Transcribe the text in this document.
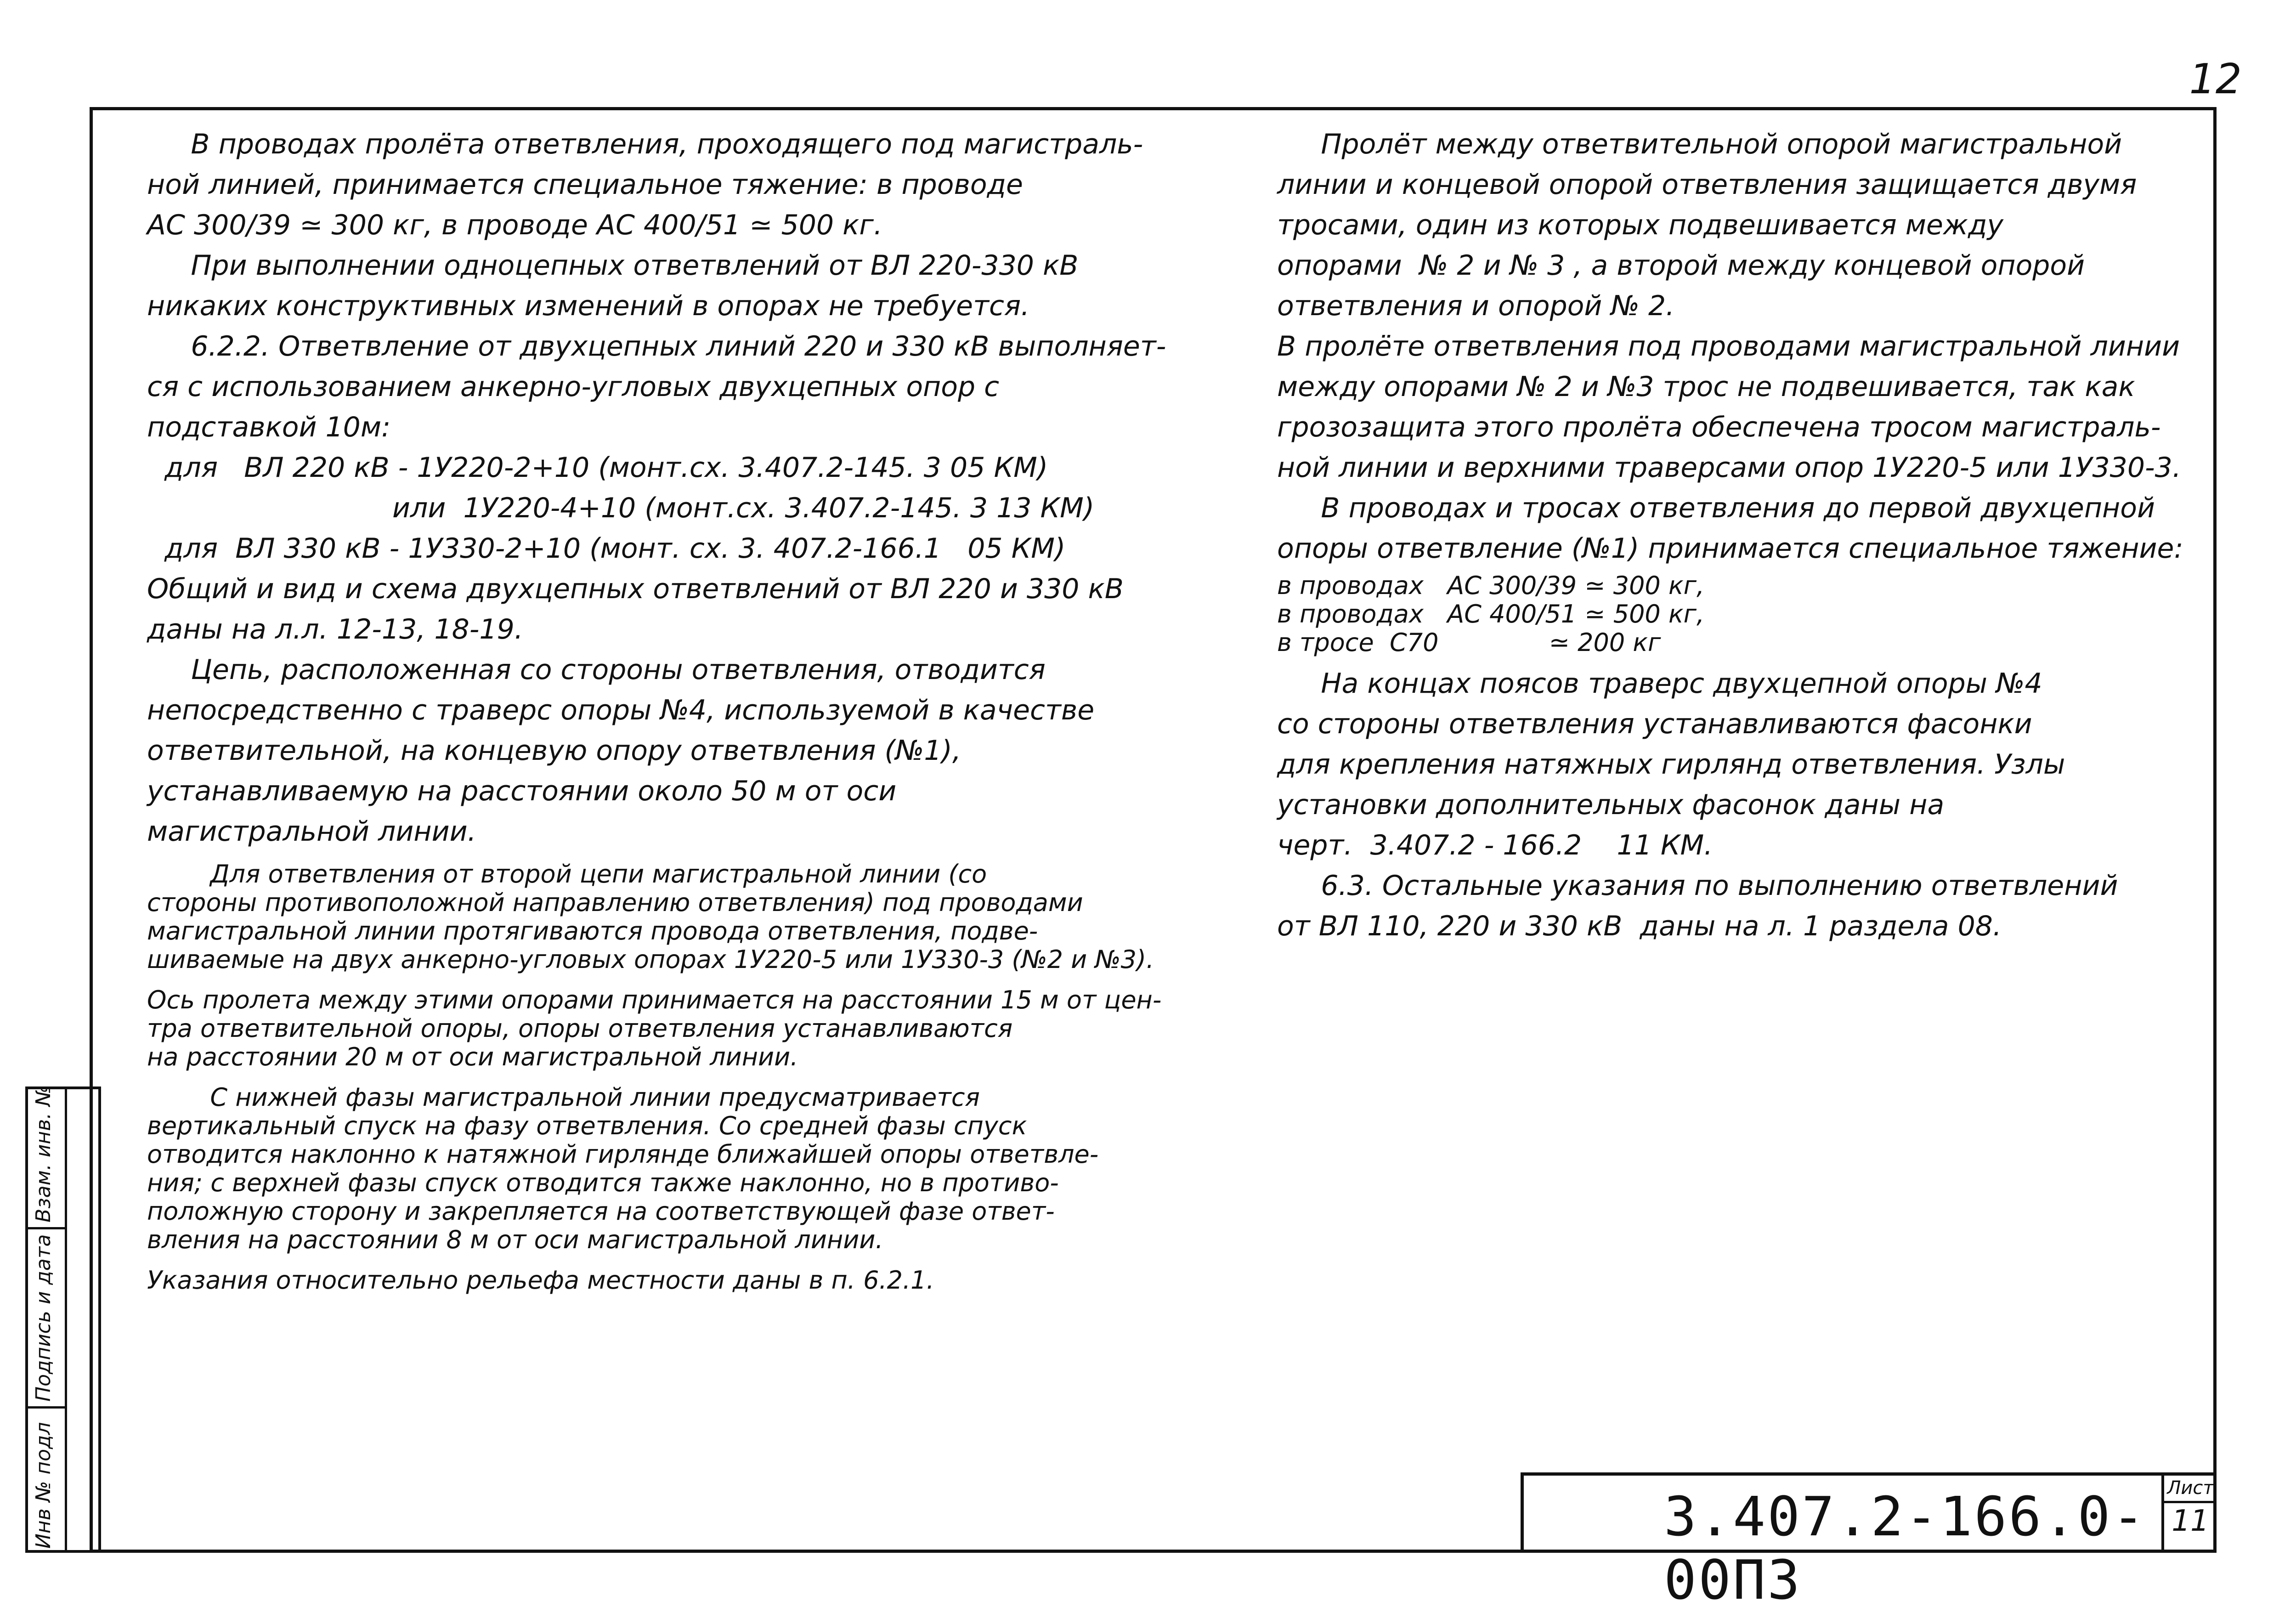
12
Инв № подл
Подпись и дата
Взам. инв. №

В проводах пролёта ответвления, проходящего под магистраль-

ной линией, принимается специальное тяжение: в проводе

АС 300/39 ≃ 300 кг, в проводе АС 400/51 ≃ 500 кг.

При выполнении одноцепных ответвлений от ВЛ 220-330 кВ

никаких конструктивных изменений в опорах не требуется.

6.2.2. Ответвление от двухцепных линий 220 и 330 кВ выполняет-

ся с использованием анкерно-угловых двухцепных опор с

подставкой 10м:

для   ВЛ 220 кВ - 1У220-2+10 (монт.сх. 3.407.2-145. 3 05 КМ)

или  1У220-4+10 (монт.сх. 3.407.2-145. 3 13 КМ)

для  ВЛ 330 кВ - 1У330-2+10 (монт. сх. 3. 407.2-166.1   05 КМ)

Общий и вид и схема двухцепных ответвлений от ВЛ 220 и 330 кВ

даны на л.л. 12-13, 18-19.

Цепь, расположенная со стороны ответвления, отводится

непосредственно с траверс опоры №4, используемой в качестве

ответвительной, на концевую опору ответвления (№1),

устанавливаемую на расстоянии около 50 м от оси

магистральной линии.

Для ответвления от второй цепи магистральной линии (со

стороны противоположной направлению ответвления) под проводами

магистральной линии протягиваются провода ответвления, подве-

шиваемые на двух анкерно-угловых опорах 1У220-5 или 1У330-3 (№2 и №3).

Ось пролета между этими опорами принимается на расстоянии 15 м от цен-

тра ответвительной опоры, опоры ответвления устанавливаются

на расстоянии 20 м от оси магистральной линии.

С нижней фазы магистральной линии предусматривается

вертикальный спуск на фазу ответвления. Со средней фазы спуск

отводится наклонно к натяжной гирлянде ближайшей опоры ответвле-

ния; с верхней фазы спуск отводится также наклонно, но в противо-

положную сторону и закрепляется на соответствующей фазе ответ-

вления на расстоянии 8 м от оси магистральной линии.

Указания относительно рельефа местности даны в п. 6.2.1.

Пролёт между ответвительной опорой магистральной

линии и концевой опорой ответвления защищается двумя

тросами, один из которых подвешивается между

опорами  № 2 и № 3 , а второй между концевой опорой

ответвления и опорой № 2.

В пролёте ответвления под проводами магистральной линии

между опорами № 2 и №3 трос не подвешивается, так как

грозозащита этого пролёта обеспечена тросом магистраль-

ной линии и верхними траверсами опор 1У220-5 или 1У330-3.

В проводах и тросах ответвления до первой двухцепной

опоры ответвление (№1) принимается специальное тяжение:

в проводах   АС 300/39 ≃ 300 кг,

в проводах   АС 400/51 ≃ 500 кг,

в тросе  С70              ≃ 200 кг

На концах поясов траверс двухцепной опоры №4

со стороны ответвления устанавливаются фасонки

для крепления натяжных гирлянд ответвления. Узлы

установки дополнительных фасонок даны на

черт.  3.407.2 - 166.2    11 КМ.

6.3. Остальные указания по выполнению ответвлений

от ВЛ 110, 220 и 330 кВ  даны на л. 1 раздела 08.

3.407.2-166.0-00ПЗ
Лист
11
